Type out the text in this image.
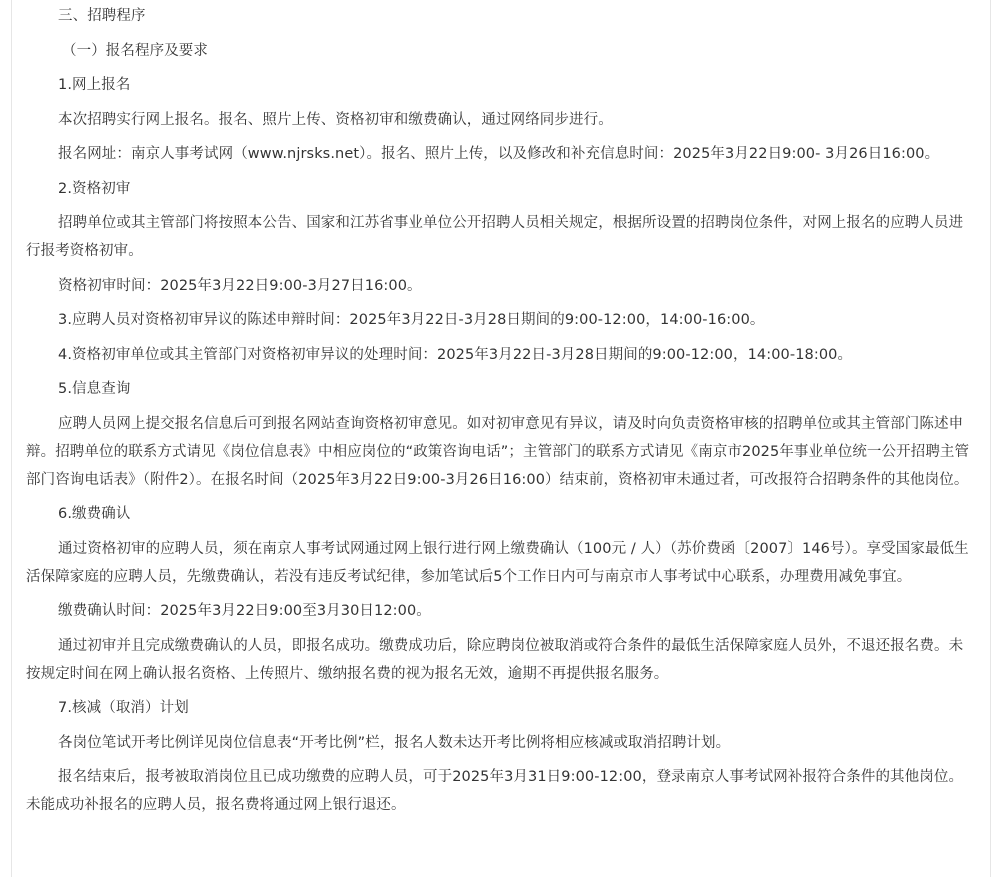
三、招聘程序

（一）报名程序及要求

1.网上报名

本次招聘实行网上报名。报名、照片上传、资格初审和缴费确认，通过网络同步进行。

报名网址：南京人事考试网（www.njrsks.net）。报名、照片上传，以及修改和补充信息时间：2025年3月22日9:00- 3月26日16:00。

2.资格初审

招聘单位或其主管部门将按照本公告、国家和江苏省事业单位公开招聘人员相关规定，根据所设置的招聘岗位条件，对网上报名的应聘人员进行报考资格初审。

资格初审时间：2025年3月22日9:00-3月27日16:00。

3.应聘人员对资格初审异议的陈述申辩时间：2025年3月22日-3月28日期间的9:00-12:00，14:00-16:00。

4.资格初审单位或其主管部门对资格初审异议的处理时间：2025年3月22日-3月28日期间的9:00-12:00，14:00-18:00。

5.信息查询

应聘人员网上提交报名信息后可到报名网站查询资格初审意见。如对初审意见有异议，请及时向负责资格审核的招聘单位或其主管部门陈述申辩。招聘单位的联系方式请见《岗位信息表》中相应岗位的“政策咨询电话”；主管部门的联系方式请见《南京市2025年事业单位统一公开招聘主管部门咨询电话表》（附件2）。在报名时间（2025年3月22日9:00-3月26日16:00）结束前，资格初审未通过者，可改报符合招聘条件的其他岗位。

6.缴费确认

通过资格初审的应聘人员，须在南京人事考试网通过网上银行进行网上缴费确认（100元 / 人）（苏价费函〔2007〕146号）。享受国家最低生活保障家庭的应聘人员，先缴费确认，若没有违反考试纪律，参加笔试后5个工作日内可与南京市人事考试中心联系，办理费用减免事宜。

缴费确认时间：2025年3月22日9:00至3月30日12:00。

通过初审并且完成缴费确认的人员，即报名成功。缴费成功后，除应聘岗位被取消或符合条件的最低生活保障家庭人员外，不退还报名费。未按规定时间在网上确认报名资格、上传照片、缴纳报名费的视为报名无效，逾期不再提供报名服务。

7.核减（取消）计划

各岗位笔试开考比例详见岗位信息表“开考比例”栏，报名人数未达开考比例将相应核减或取消招聘计划。

报名结束后，报考被取消岗位且已成功缴费的应聘人员，可于2025年3月31日9:00-12:00，登录南京人事考试网补报符合条件的其他岗位。未能成功补报名的应聘人员，报名费将通过网上银行退还。
